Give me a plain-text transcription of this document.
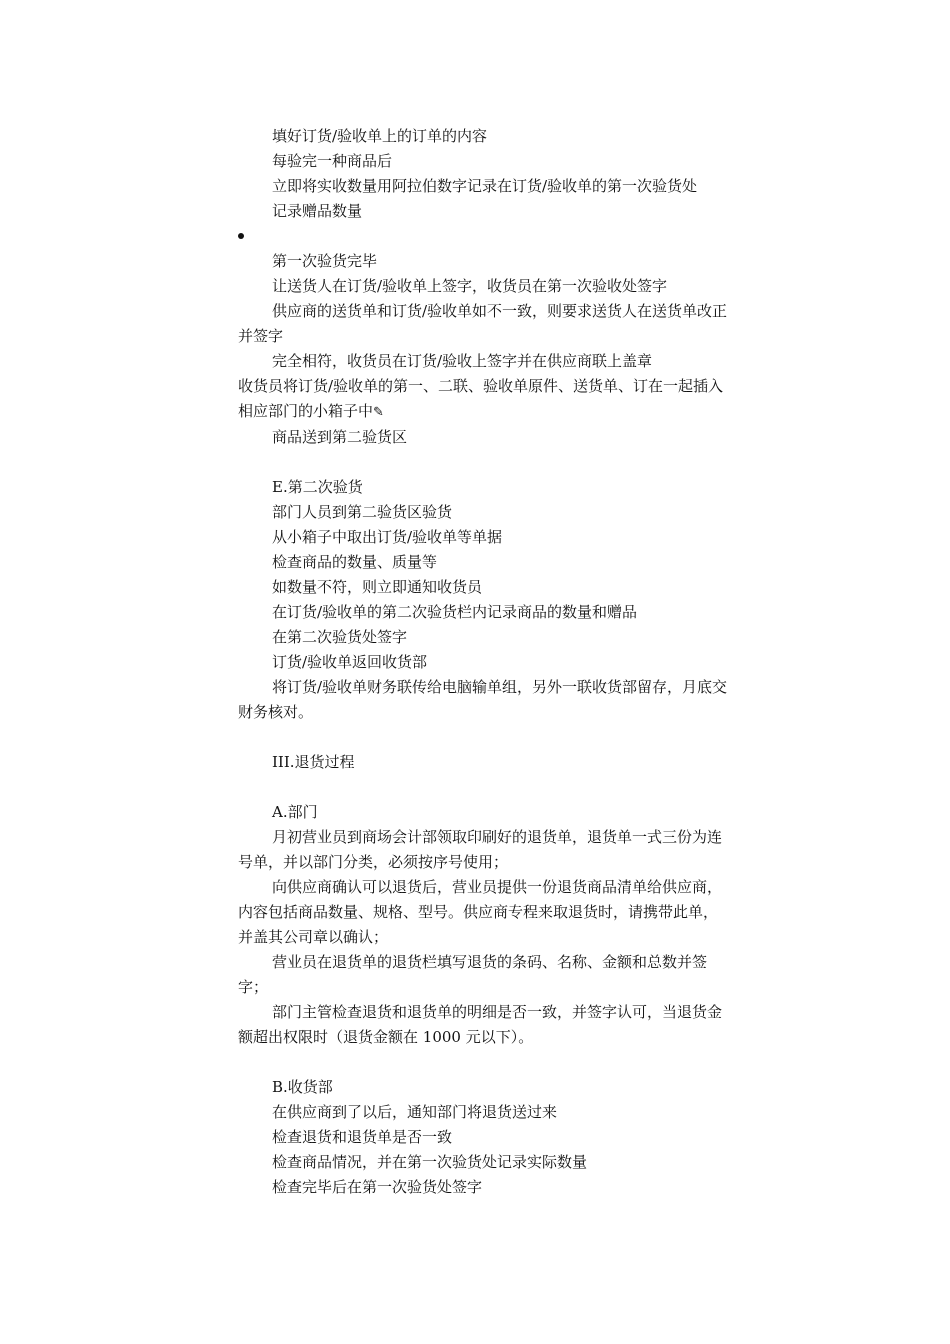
填好订货/验收单上的订单的内容

每验完一种商品后

立即将实收数量用阿拉伯数字记录在订货/验收单的第一次验货处

记录赠品数量

第一次验货完毕

让送货人在订货/验收单上签字，收货员在第一次验收处签字

供应商的送货单和订货/验收单如不一致，则要求送货人在送货单改正并签字

完全相符，收货员在订货/验收上签字并在供应商联上盖章

收货员将订货/验收单的第一、二联、验收单原件、送货单、订在一起插入相应部门的小箱子中✎

商品送到第二验货区

E.第二次验货

部门人员到第二验货区验货

从小箱子中取出订货/验收单等单据

检查商品的数量、质量等

如数量不符，则立即通知收货员

在订货/验收单的第二次验货栏内记录商品的数量和赠品

在第二次验货处签字

订货/验收单返回收货部

将订货/验收单财务联传给电脑输单组，另外一联收货部留存，月底交财务核对。

III.退货过程

A.部门

月初营业员到商场会计部领取印刷好的退货单，退货单一式三份为连号单，并以部门分类，必须按序号使用；

向供应商确认可以退货后，营业员提供一份退货商品清单给供应商，内容包括商品数量、规格、型号。供应商专程来取退货时，请携带此单，并盖其公司章以确认；

营业员在退货单的退货栏填写退货的条码、名称、金额和总数并签字；

部门主管检查退货和退货单的明细是否一致，并签字认可，当退货金额超出权限时（退货金额在 1000 元以下）。

B.收货部

在供应商到了以后，通知部门将退货送过来

检查退货和退货单是否一致

检查商品情况，并在第一次验货处记录实际数量

检查完毕后在第一次验货处签字
